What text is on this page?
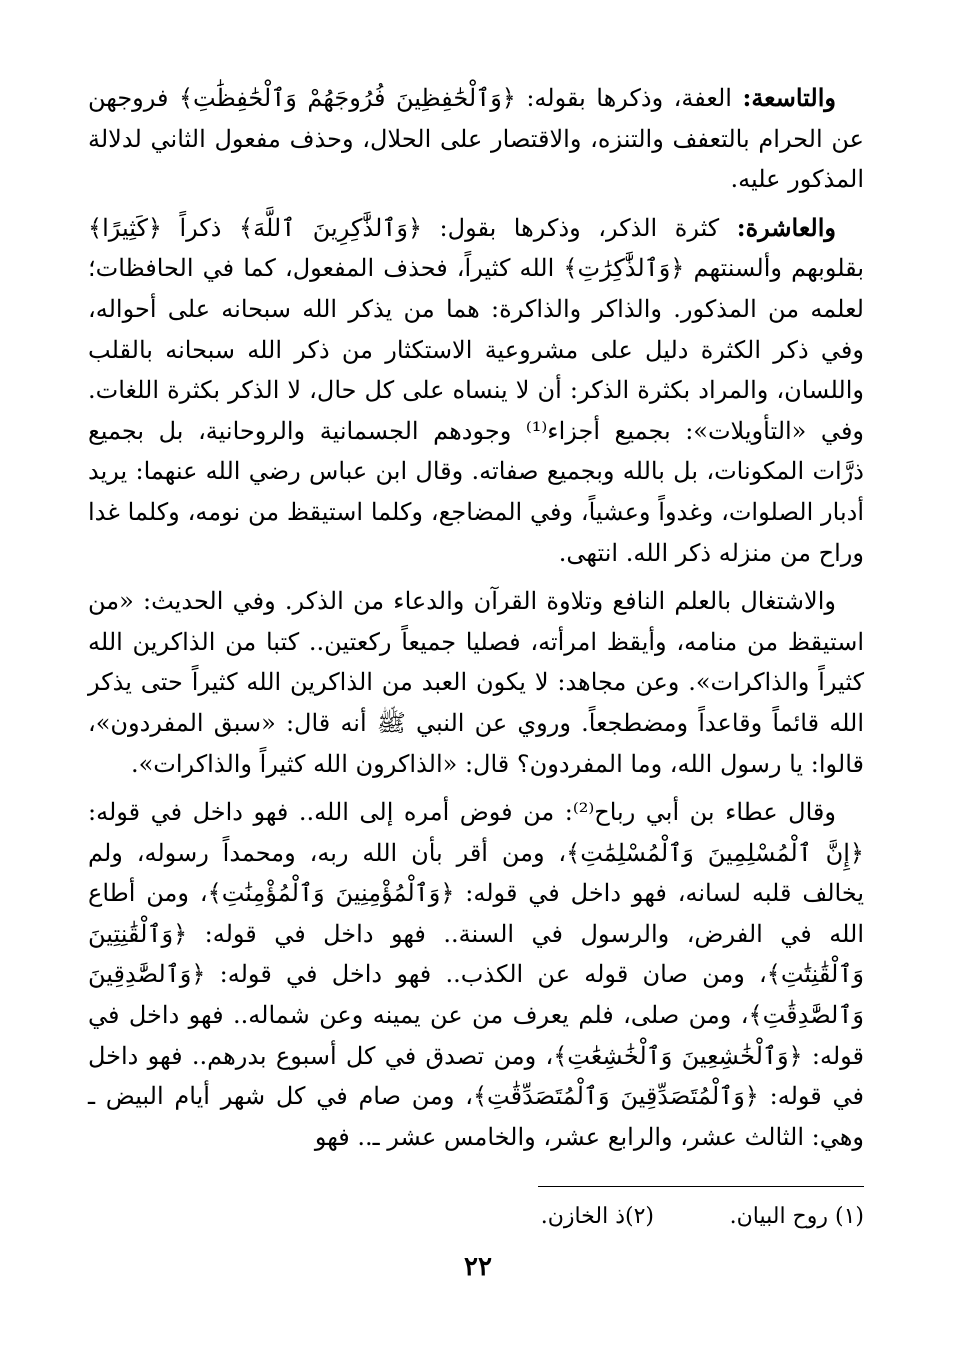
والتاسعة: العفة، وذكرها بقوله: ﴿وَٱلْحَٰفِظِينَ فُرُوجَهُمْ وَٱلْحَٰفِظَٰتِ﴾ فروجهن عن الحرام بالتعفف والتنزه، والاقتصار على الحلال، وحذف مفعول الثاني لدلالة المذكور عليه.

والعاشرة: كثرة الذكر، وذكرها بقول: ﴿وَٱلذَّٰكِرِينَ ٱللَّهَ﴾ ذكراً ﴿كَثِيرًا﴾ بقلوبهم وألسنتهم ﴿وَٱلذَّٰكِرَٰتِ﴾ الله كثيراً، فحذف المفعول، كما في الحافظات؛ لعلمه من المذكور. والذاكر والذاكرة: هما من يذكر الله سبحانه على أحواله، وفي ذكر الكثرة دليل على مشروعية الاستكثار من ذكر الله سبحانه بالقلب واللسان، والمراد بكثرة الذكر: أن لا ينساه على كل حال، لا الذكر بكثرة اللغات. وفي «التأويلات»: بجميع أجزاء⁽¹⁾ وجودهم الجسمانية والروحانية، بل بجميع ذرَّات المكونات، بل بالله وبجميع صفاته. وقال ابن عباس رضي الله عنهما: يريد أدبار الصلوات، وغدواً وعشياً، وفي المضاجع، وكلما استيقظ من نومه، وكلما غدا وراح من منزله ذكر الله. انتهى.

والاشتغال بالعلم النافع وتلاوة القرآن والدعاء من الذكر. وفي الحديث: «من استيقظ من منامه، وأيقظ امرأته، فصليا جميعاً ركعتين.. كتبا من الذاكرين الله كثيراً والذاكرات». وعن مجاهد: لا يكون العبد من الذاكرين الله كثيراً حتى يذكر الله قائماً وقاعداً ومضطجعاً. وروي عن النبي ﷺ أنه قال: «سبق المفردون»، قالوا: يا رسول الله، وما المفردون؟ قال: «الذاكرون الله كثيراً والذاكرات».

وقال عطاء بن أبي رباح⁽²⁾: من فوض أمره إلى الله.. فهو داخل في قوله: ﴿إِنَّ ٱلْمُسْلِمِينَ وَٱلْمُسْلِمَٰتِ﴾، ومن أقر بأن الله ربه، ومحمداً رسوله، ولم يخالف قلبه لسانه، فهو داخل في قوله: ﴿وَٱلْمُؤْمِنِينَ وَٱلْمُؤْمِنَٰتِ﴾، ومن أطاع الله في الفرض، والرسول في السنة.. فهو داخل في قوله: ﴿وَٱلْقَٰنِتِينَ وَٱلْقَٰنِتَٰتِ﴾، ومن صان قوله عن الكذب.. فهو داخل في قوله: ﴿وَٱلصَّٰدِقِينَ وَٱلصَّٰدِقَٰتِ﴾، ومن صلى، فلم يعرف من عن يمينه وعن شماله.. فهو داخل في قوله: ﴿وَٱلْخَٰشِعِينَ وَٱلْخَٰشِعَٰتِ﴾، ومن تصدق في كل أسبوع بدرهم.. فهو داخل في قوله: ﴿وَٱلْمُتَصَدِّقِينَ وَٱلْمُتَصَدِّقَٰتِ﴾، ومن صام في كل شهر أيام البيض ـ وهي: الثالث عشر، والرابع عشر، والخامس عشر ـ.. فهو

(١) روح البيان.
(٢)ذ الخازن.
٢٢
